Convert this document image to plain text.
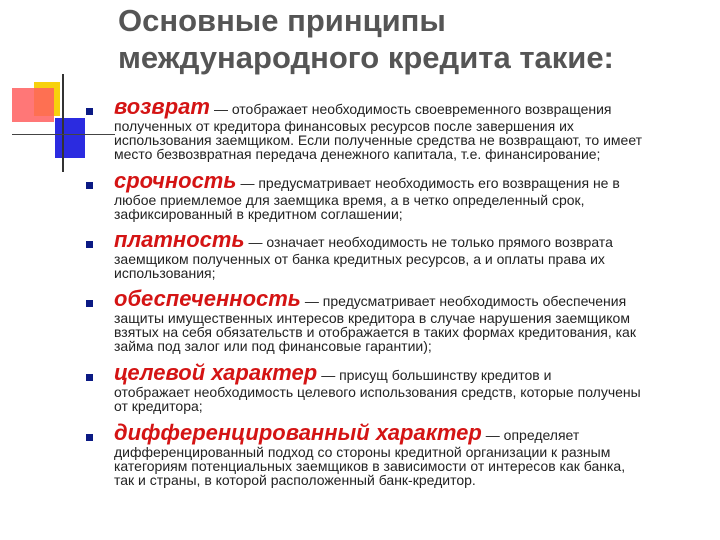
Основные принципы
международного кредита такие:
возврат — отображает необходимость своевременного возвращения
полученных от кредитора финансовых ресурсов после завершения их
использования заемщиком. Если полученные средства не возвращают, то имеет
место безвозвратная передача денежного капитала, т.е. финансирование;
срочность — предусматривает необходимость его возвращения не в
любое приемлемое для заемщика время, а в четко определенный срок,
зафиксированный в кредитном соглашении;
платность — означает необходимость не только прямого возврата
заемщиком полученных от банка кредитных ресурсов, а и оплаты права их
использования;
обеспеченность — предусматривает необходимость обеспечения
защиты имущественных интересов кредитора в случае нарушения заемщиком
взятых на себя обязательств и отображается в таких формах кредитования, как
займа под залог или под финансовые гарантии);
целевой характер — присущ большинству кредитов и
отображает необходимость целевого использования средств, которые получены
от кредитора;
дифференцированный характер — определяет
дифференцированный подход со стороны кредитной организации к разным
категориям потенциальных заемщиков в зависимости от интересов как банка,
так и страны, в которой расположенный банк-кредитор.
